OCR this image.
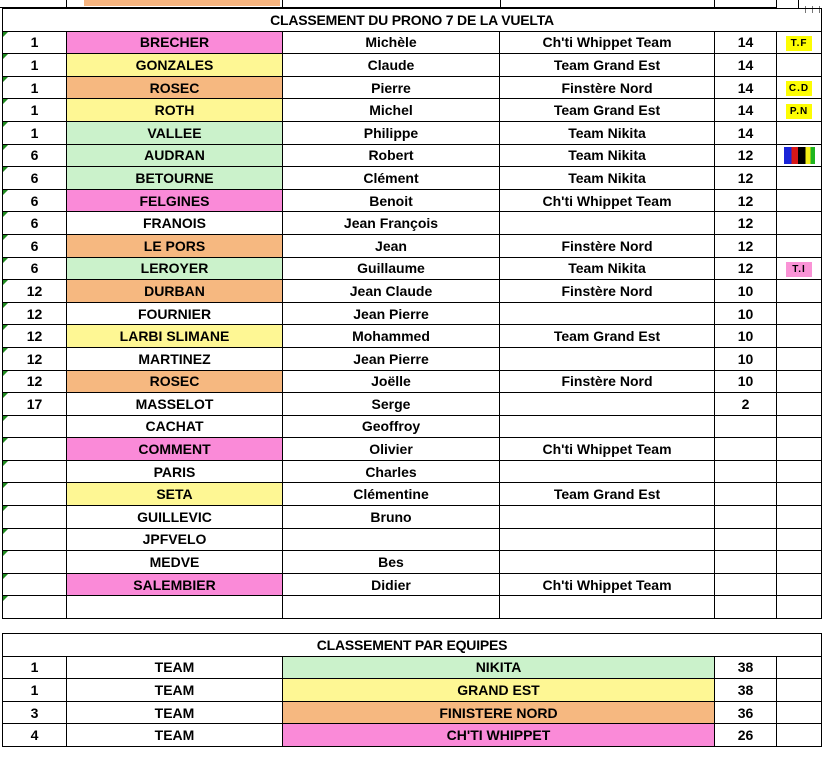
CLASSEMENT DU PRONO 7 DE LA VUELTA					
1	BRECHER	Michèle	Ch'ti Whippet Team	14	T.F
1	GONZALES	Claude	Team Grand Est	14	
1	ROSEC	Pierre	Finstère Nord	14	C.D
1	ROTH	Michel	Team Grand Est	14	P.N
1	VALLEE	Philippe	Team Nikita	14	
6	AUDRAN	Robert	Team Nikita	12	
6	BETOURNE	Clément	Team Nikita	12	
6	FELGINES	Benoit	Ch'ti Whippet Team	12	
6	FRANOIS	Jean François		12	
6	LE PORS	Jean	Finstère Nord	12	
6	LEROYER	Guillaume	Team Nikita	12	T.I
12	DURBAN	Jean Claude	Finstère Nord	10	
12	FOURNIER	Jean Pierre		10	
12	LARBI SLIMANE	Mohammed	Team Grand Est	10	
12	MARTINEZ	Jean Pierre		10	
12	ROSEC	Joëlle	Finstère Nord	10	
17	MASSELOT	Serge		2	

	CACHAT	Geoffroy			

	COMMENT	Olivier	Ch'ti Whippet Team		

	PARIS	Charles			

	SETA	Clémentine	Team Grand Est		

	GUILLEVIC	Bruno			

	JPFVELO				

	MEDVE	Bes			

	SALEMBIER	Didier	Ch'ti Whippet Team		

CLASSEMENT PAR EQUIPES					
1	TEAM	NIKITA		38	
1	TEAM	GRAND EST		38	
3	TEAM	FINISTERE NORD		36	
4	TEAM	CH'TI WHIPPET		26	
